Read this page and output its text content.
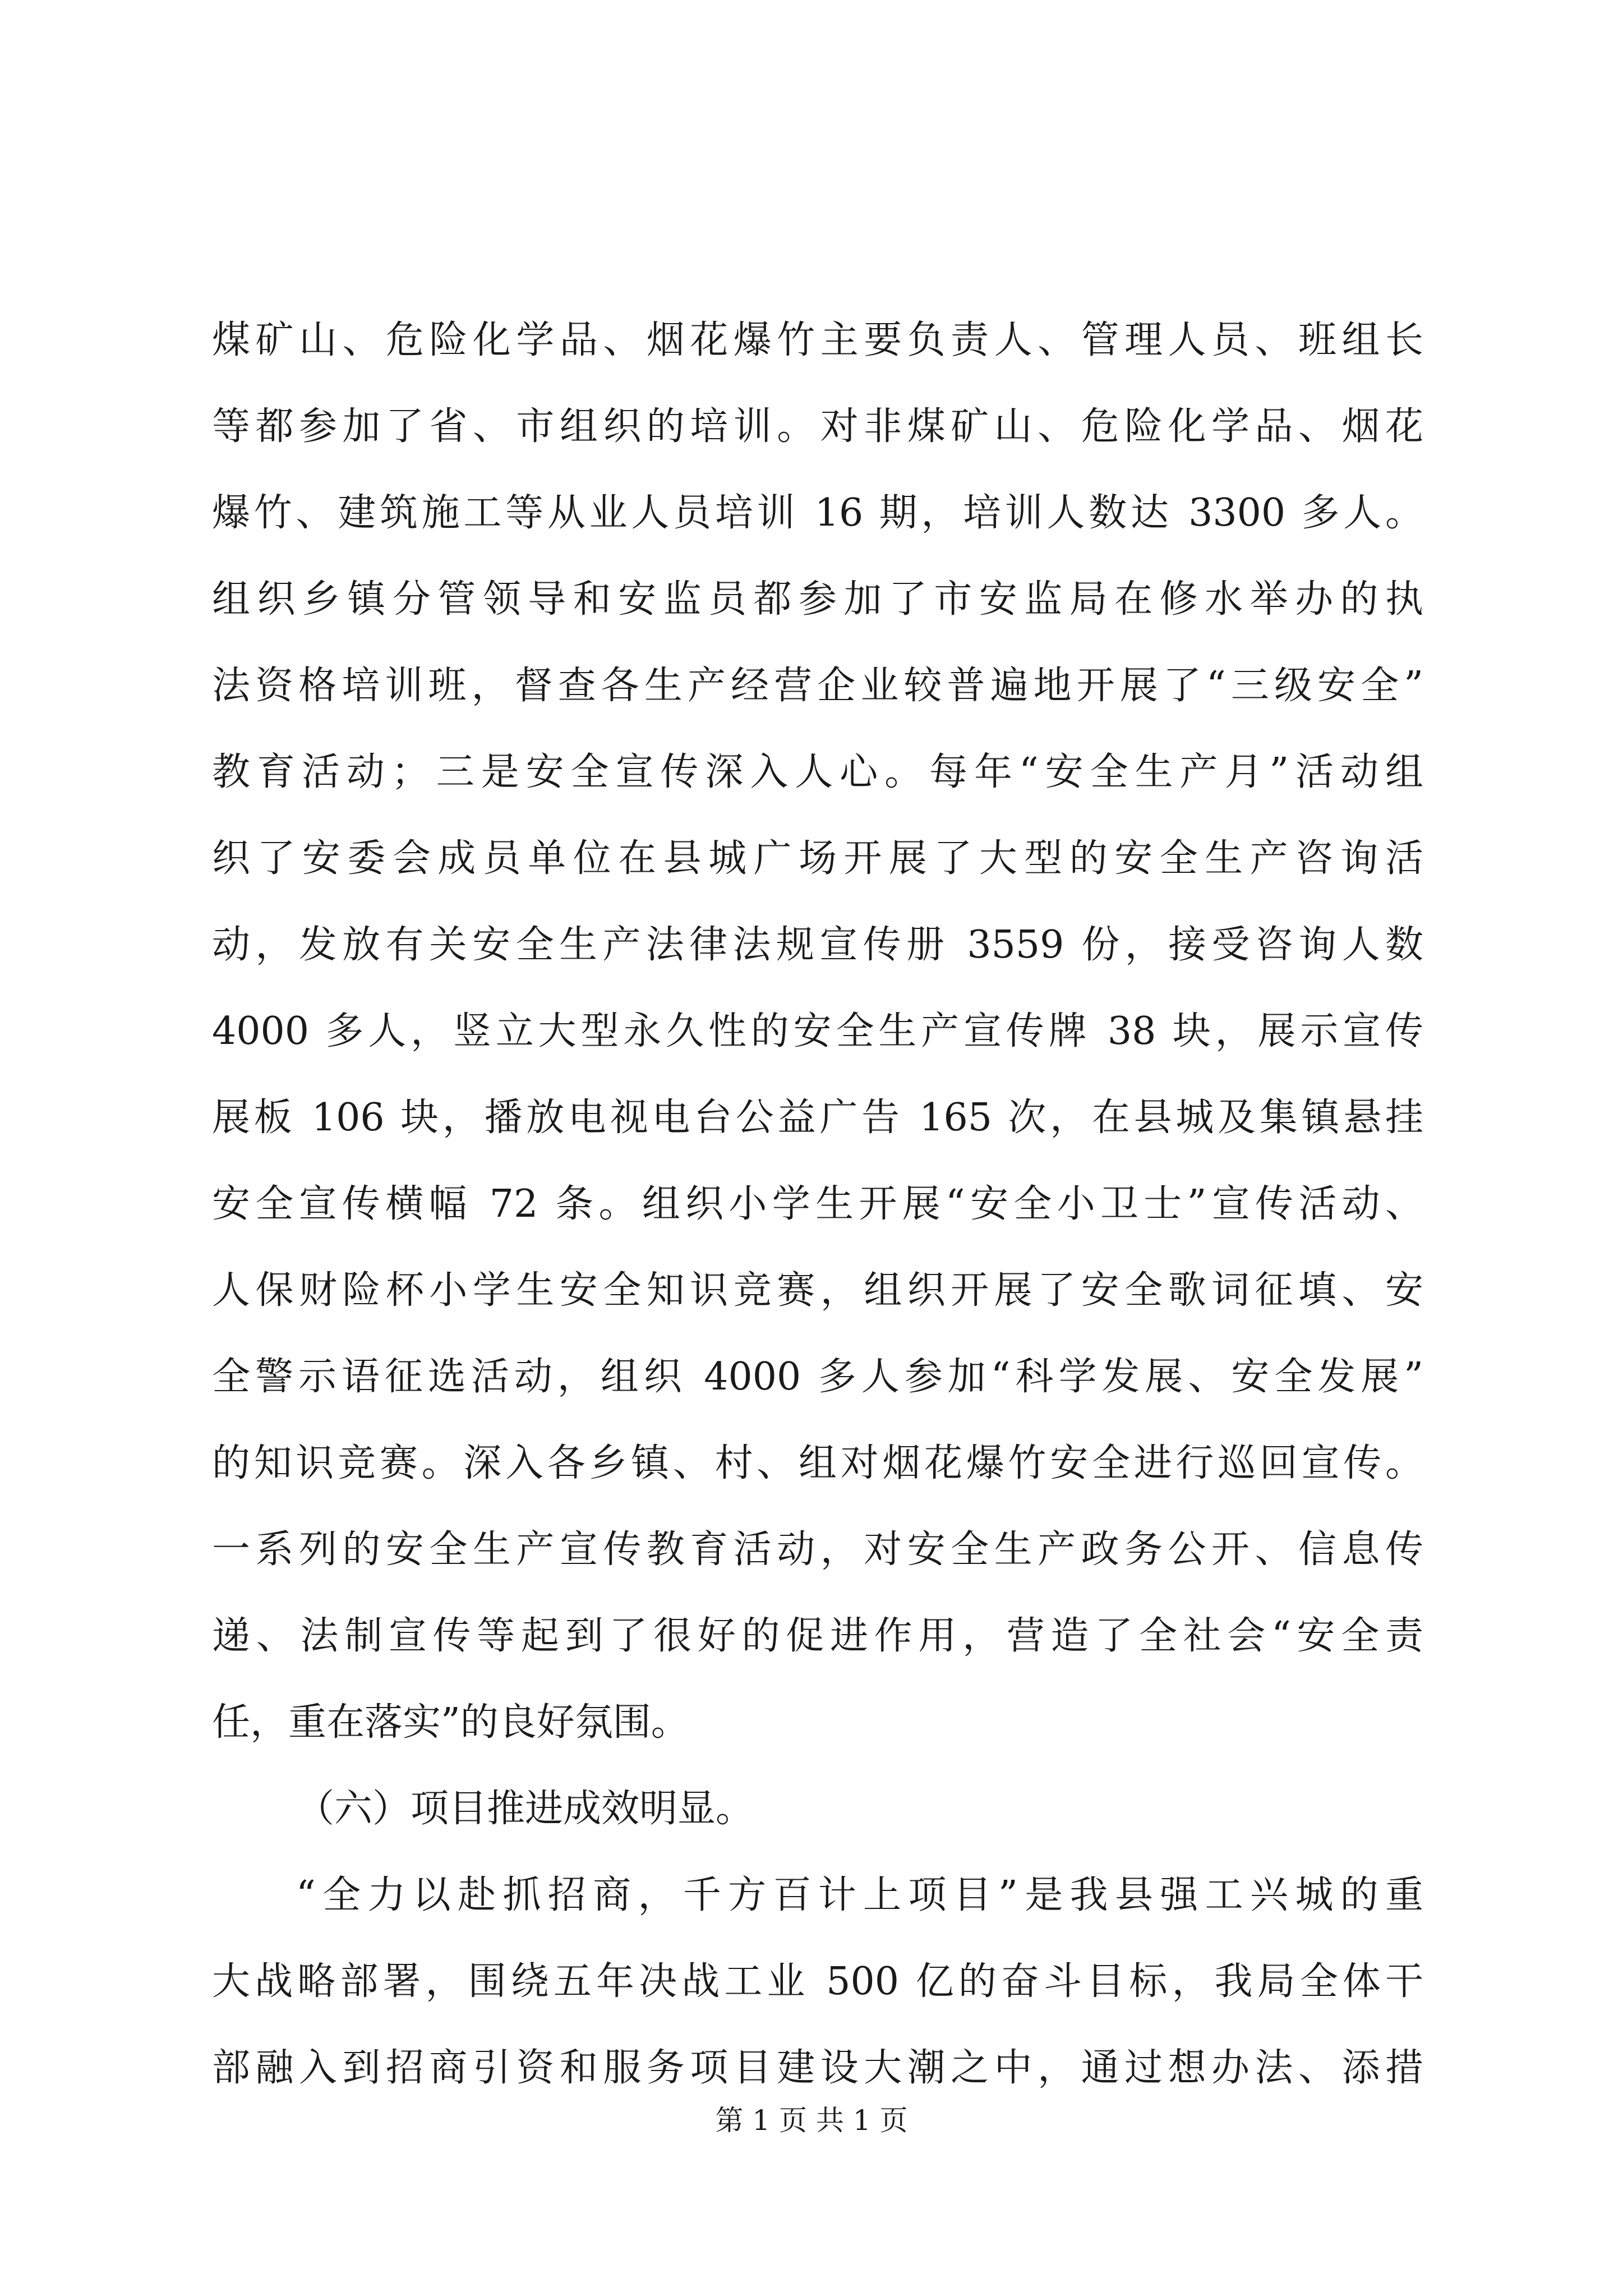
煤矿山、危险化学品、烟花爆竹主要负责人、管理人员、班组长
等都参加了省、市组织的培训。对非煤矿山、危险化学品、烟花
爆竹、建筑施工等从业人员培训 16 期，培训人数达 3300 多人。
组织乡镇分管领导和安监员都参加了市安监局在修水举办的执
法资格培训班，督查各生产经营企业较普遍地开展了“三级安全”
教育活动；三是安全宣传深入人心。每年“安全生产月”活动组
织了安委会成员单位在县城广场开展了大型的安全生产咨询活
动，发放有关安全生产法律法规宣传册 3559 份，接受咨询人数
4000 多人，竖立大型永久性的安全生产宣传牌 38 块，展示宣传
展板 106 块，播放电视电台公益广告 165 次，在县城及集镇悬挂
安全宣传横幅 72 条。组织小学生开展“安全小卫士”宣传活动、
人保财险杯小学生安全知识竞赛，组织开展了安全歌词征填、安
全警示语征选活动，组织 4000 多人参加“科学发展、安全发展”
的知识竞赛。深入各乡镇、村、组对烟花爆竹安全进行巡回宣传。
一系列的安全生产宣传教育活动，对安全生产政务公开、信息传
递、法制宣传等起到了很好的促进作用，营造了全社会“安全责
任，重在落实”的良好氛围。
（六）项目推进成效明显。
“全力以赴抓招商，千方百计上项目”是我县强工兴城的重
大战略部署，围绕五年决战工业 500 亿的奋斗目标，我局全体干
部融入到招商引资和服务项目建设大潮之中，通过想办法、添措
第 1 页 共 1 页
